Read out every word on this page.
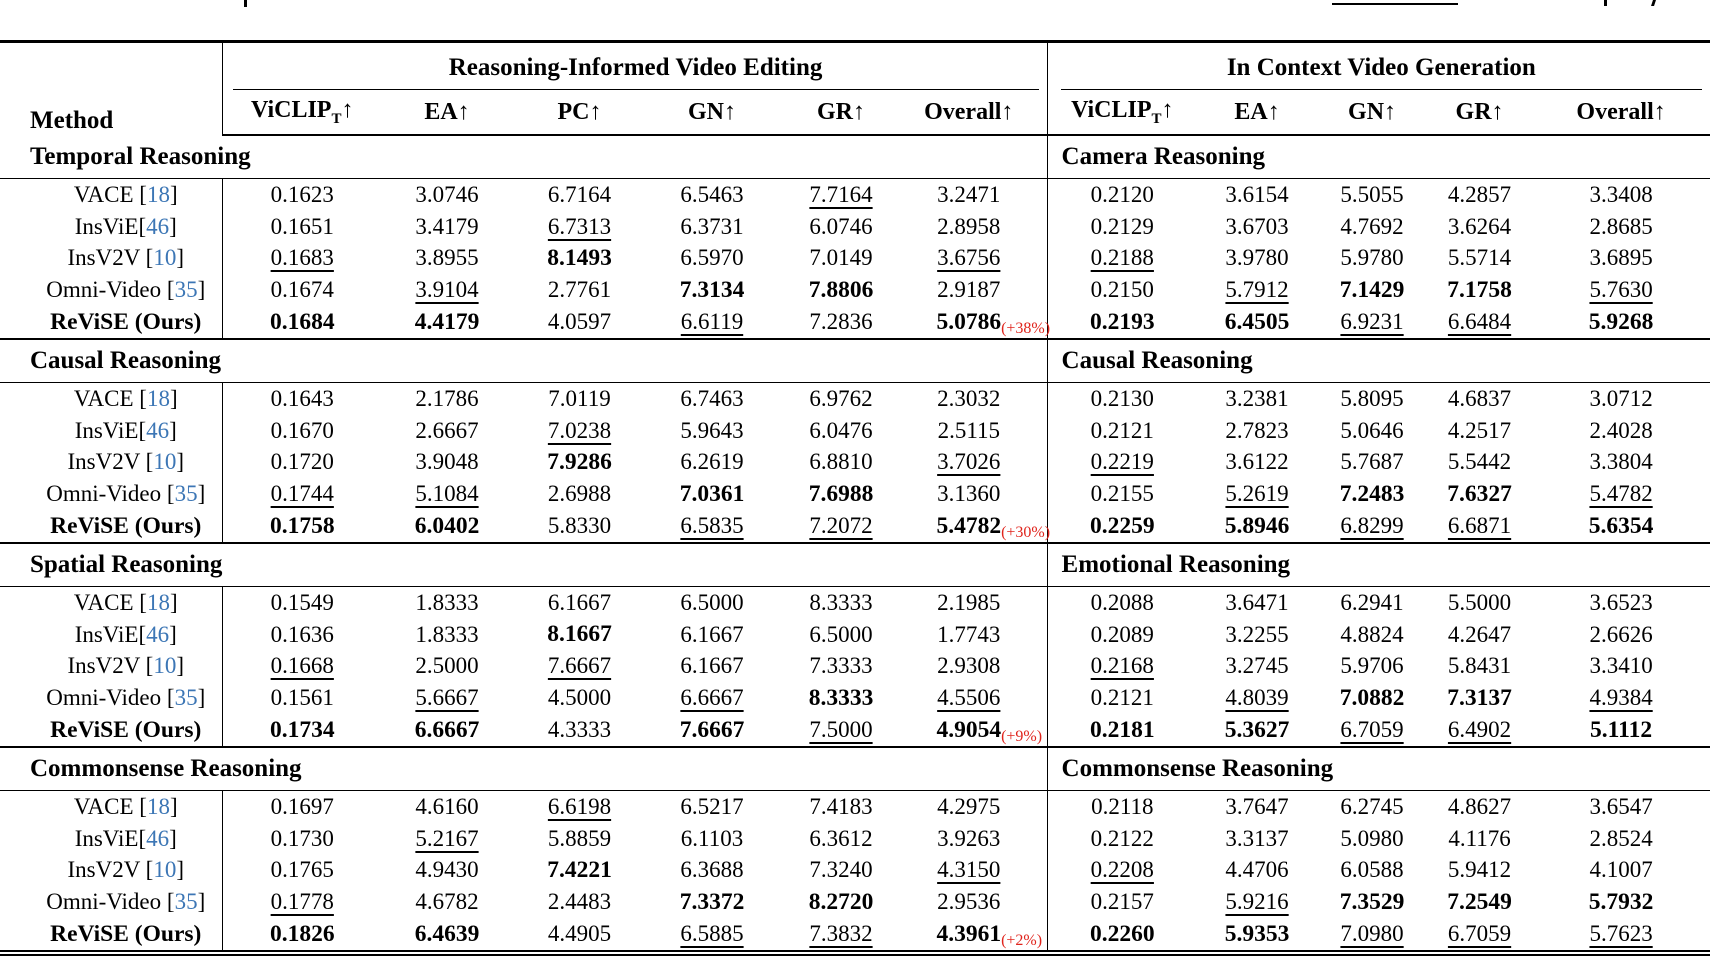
Method	Reasoning-Informed Video Editing						In Context Video Generation				

	ViCLIP$_T$↑	EA↑	PC↑	GN↑	GR↑	Overall↑	ViCLIP$_T$↑	EA↑	GN↑	GR↑	Overall↑
Temporal Reasoning							Camera Reasoning				
VACE [18]	0.1623	3.0746	6.7164	6.5463	7.7164	3.2471	0.2120	3.6154	5.5055	4.2857	3.3408
InsViE[46]	0.1651	3.4179	6.7313	6.3731	6.0746	2.8958	0.2129	3.6703	4.7692	3.6264	2.8685
InsV2V [10]	0.1683	3.8955	8.1493	6.5970	7.0149	3.6756	0.2188	3.9780	5.9780	5.5714	3.6895
Omni-Video [35]	0.1674	3.9104	2.7761	7.3134	7.8806	2.9187	0.2150	5.7912	7.1429	7.1758	5.7630
ReViSE (Ours)	0.1684	4.4179	4.0597	6.6119	7.2836	5.0786 (+38%)	0.2193	6.4505	6.9231	6.6484	5.9268
Causal Reasoning							Causal Reasoning				
VACE [18]	0.1643	2.1786	7.0119	6.7463	6.9762	2.3032	0.2130	3.2381	5.8095	4.6837	3.0712
InsViE[46]	0.1670	2.6667	7.0238	5.9643	6.0476	2.5115	0.2121	2.7823	5.0646	4.2517	2.4028
InsV2V [10]	0.1720	3.9048	7.9286	6.2619	6.8810	3.7026	0.2219	3.6122	5.7687	5.5442	3.3804
Omni-Video [35]	0.1744	5.1084	2.6988	7.0361	7.6988	3.1360	0.2155	5.2619	7.2483	7.6327	5.4782
ReViSE (Ours)	0.1758	6.0402	5.8330	6.5835	7.2072	5.4782 (+30%)	0.2259	5.8946	6.8299	6.6871	5.6354
Spatial Reasoning							Emotional Reasoning				
VACE [18]	0.1549	1.8333	6.1667	6.5000	8.3333	2.1985	0.2088	3.6471	6.2941	5.5000	3.6523
InsViE[46]	0.1636	1.8333	8.1667	6.1667	6.5000	1.7743	0.2089	3.2255	4.8824	4.2647	2.6626
InsV2V [10]	0.1668	2.5000	7.6667	6.1667	7.3333	2.9308	0.2168	3.2745	5.9706	5.8431	3.3410
Omni-Video [35]	0.1561	5.6667	4.5000	6.6667	8.3333	4.5506	0.2121	4.8039	7.0882	7.3137	4.9384
ReViSE (Ours)	0.1734	6.6667	4.3333	7.6667	7.5000	4.9054 (+9%)	0.2181	5.3627	6.7059	6.4902	5.1112
Commonsense Reasoning							Commonsense Reasoning				
VACE [18]	0.1697	4.6160	6.6198	6.5217	7.4183	4.2975	0.2118	3.7647	6.2745	4.8627	3.6547
InsViE[46]	0.1730	5.2167	5.8859	6.1103	6.3612	3.9263	0.2122	3.3137	5.0980	4.1176	2.8524
InsV2V [10]	0.1765	4.9430	7.4221	6.3688	7.3240	4.3150	0.2208	4.4706	6.0588	5.9412	4.1007
Omni-Video [35]	0.1778	4.6782	2.4483	7.3372	8.2720	2.9536	0.2157	5.9216	7.3529	7.2549	5.7932
ReViSE (Ours)	0.1826	6.4639	4.4905	6.5885	7.3832	4.3961 (+2%)	0.2260	5.9353	7.0980	6.7059	5.7623
